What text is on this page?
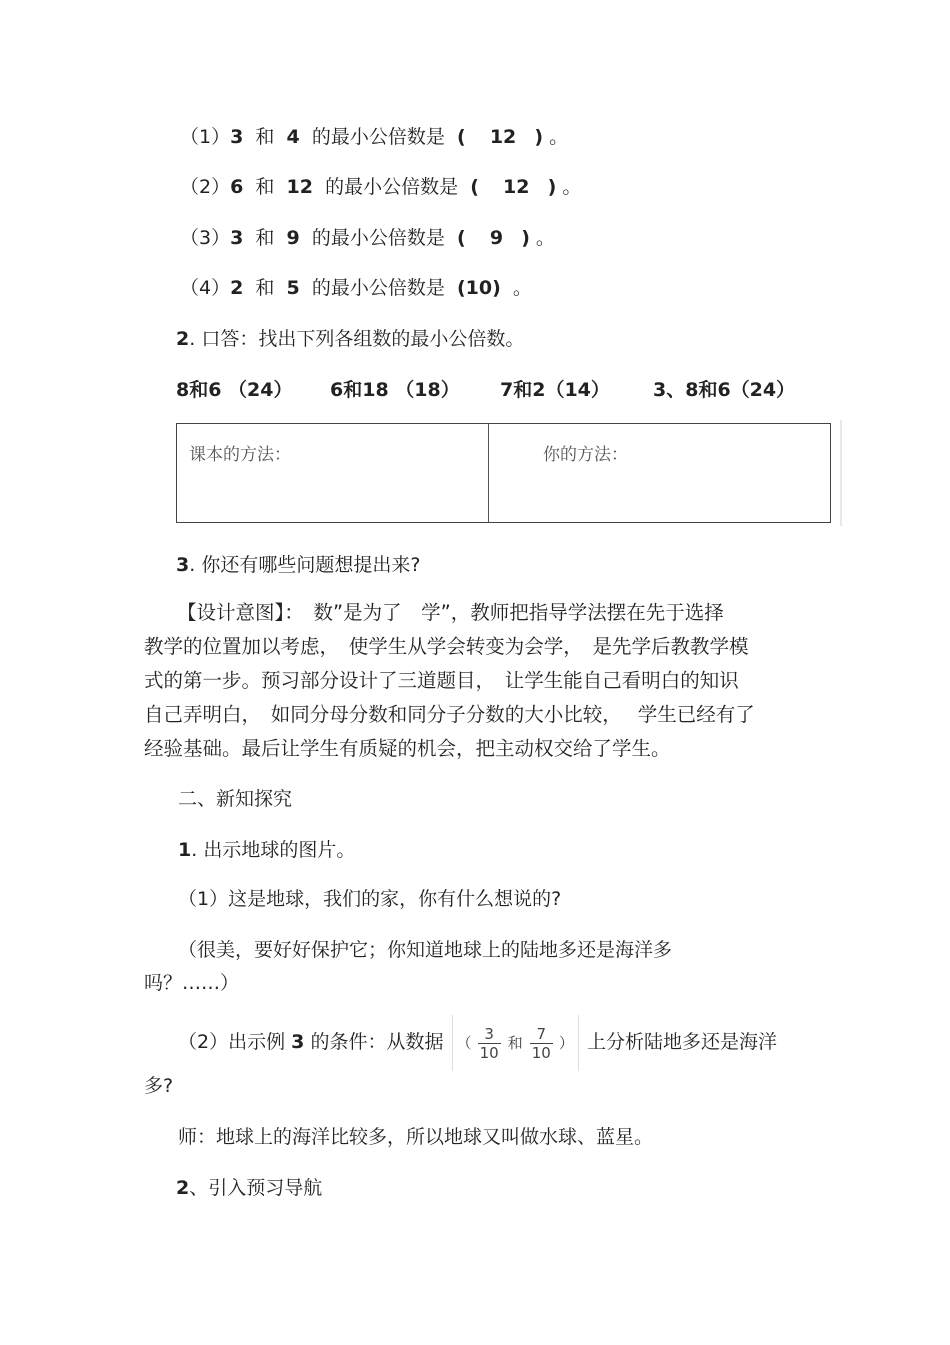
（1）3 和 4 的最小公倍数是 ( 12 ) 。
（2）6 和 12 的最小公倍数是 ( 12 ) 。
（3）3 和 9 的最小公倍数是 ( 9 ) 。
（4）2 和 5 的最小公倍数是 (10) 。
2. 口答：找出下列各组数的最小公倍数。
8和6 （24） 6和18 （18） 7和2（14） 3、8和6（24）
课本的方法：	你的方法：
3. 你还有哪些问题想提出来?
【设计意图】：　数”是为了　学”，教师把指导学法摆在先于选择
教学的位置加以考虑，　使学生从学会转变为会学，　是先学后教教学模
式的第一步。预习部分设计了三道题目，　让学生能自己看明白的知识
自己弄明白，　如同分母分数和同分子分数的大小比较，　 学生已经有了
经验基础。最后让学生有质疑的机会，把主动权交给了学生。
二、新知探究
1. 出示地球的图片。
（1）这是地球，我们的家，你有什么想说的?
（很美，要好好保护它；你知道地球上的陆地多还是海洋多
吗？……）
（2）出示例 3 的条件：从数据 （ $\frac{3}{10}$ 和 $\frac{7}{10}$ ） 上分析陆地多还是海洋
多?
师：地球上的海洋比较多，所以地球又叫做水球、蓝星。
2、引入预习导航
